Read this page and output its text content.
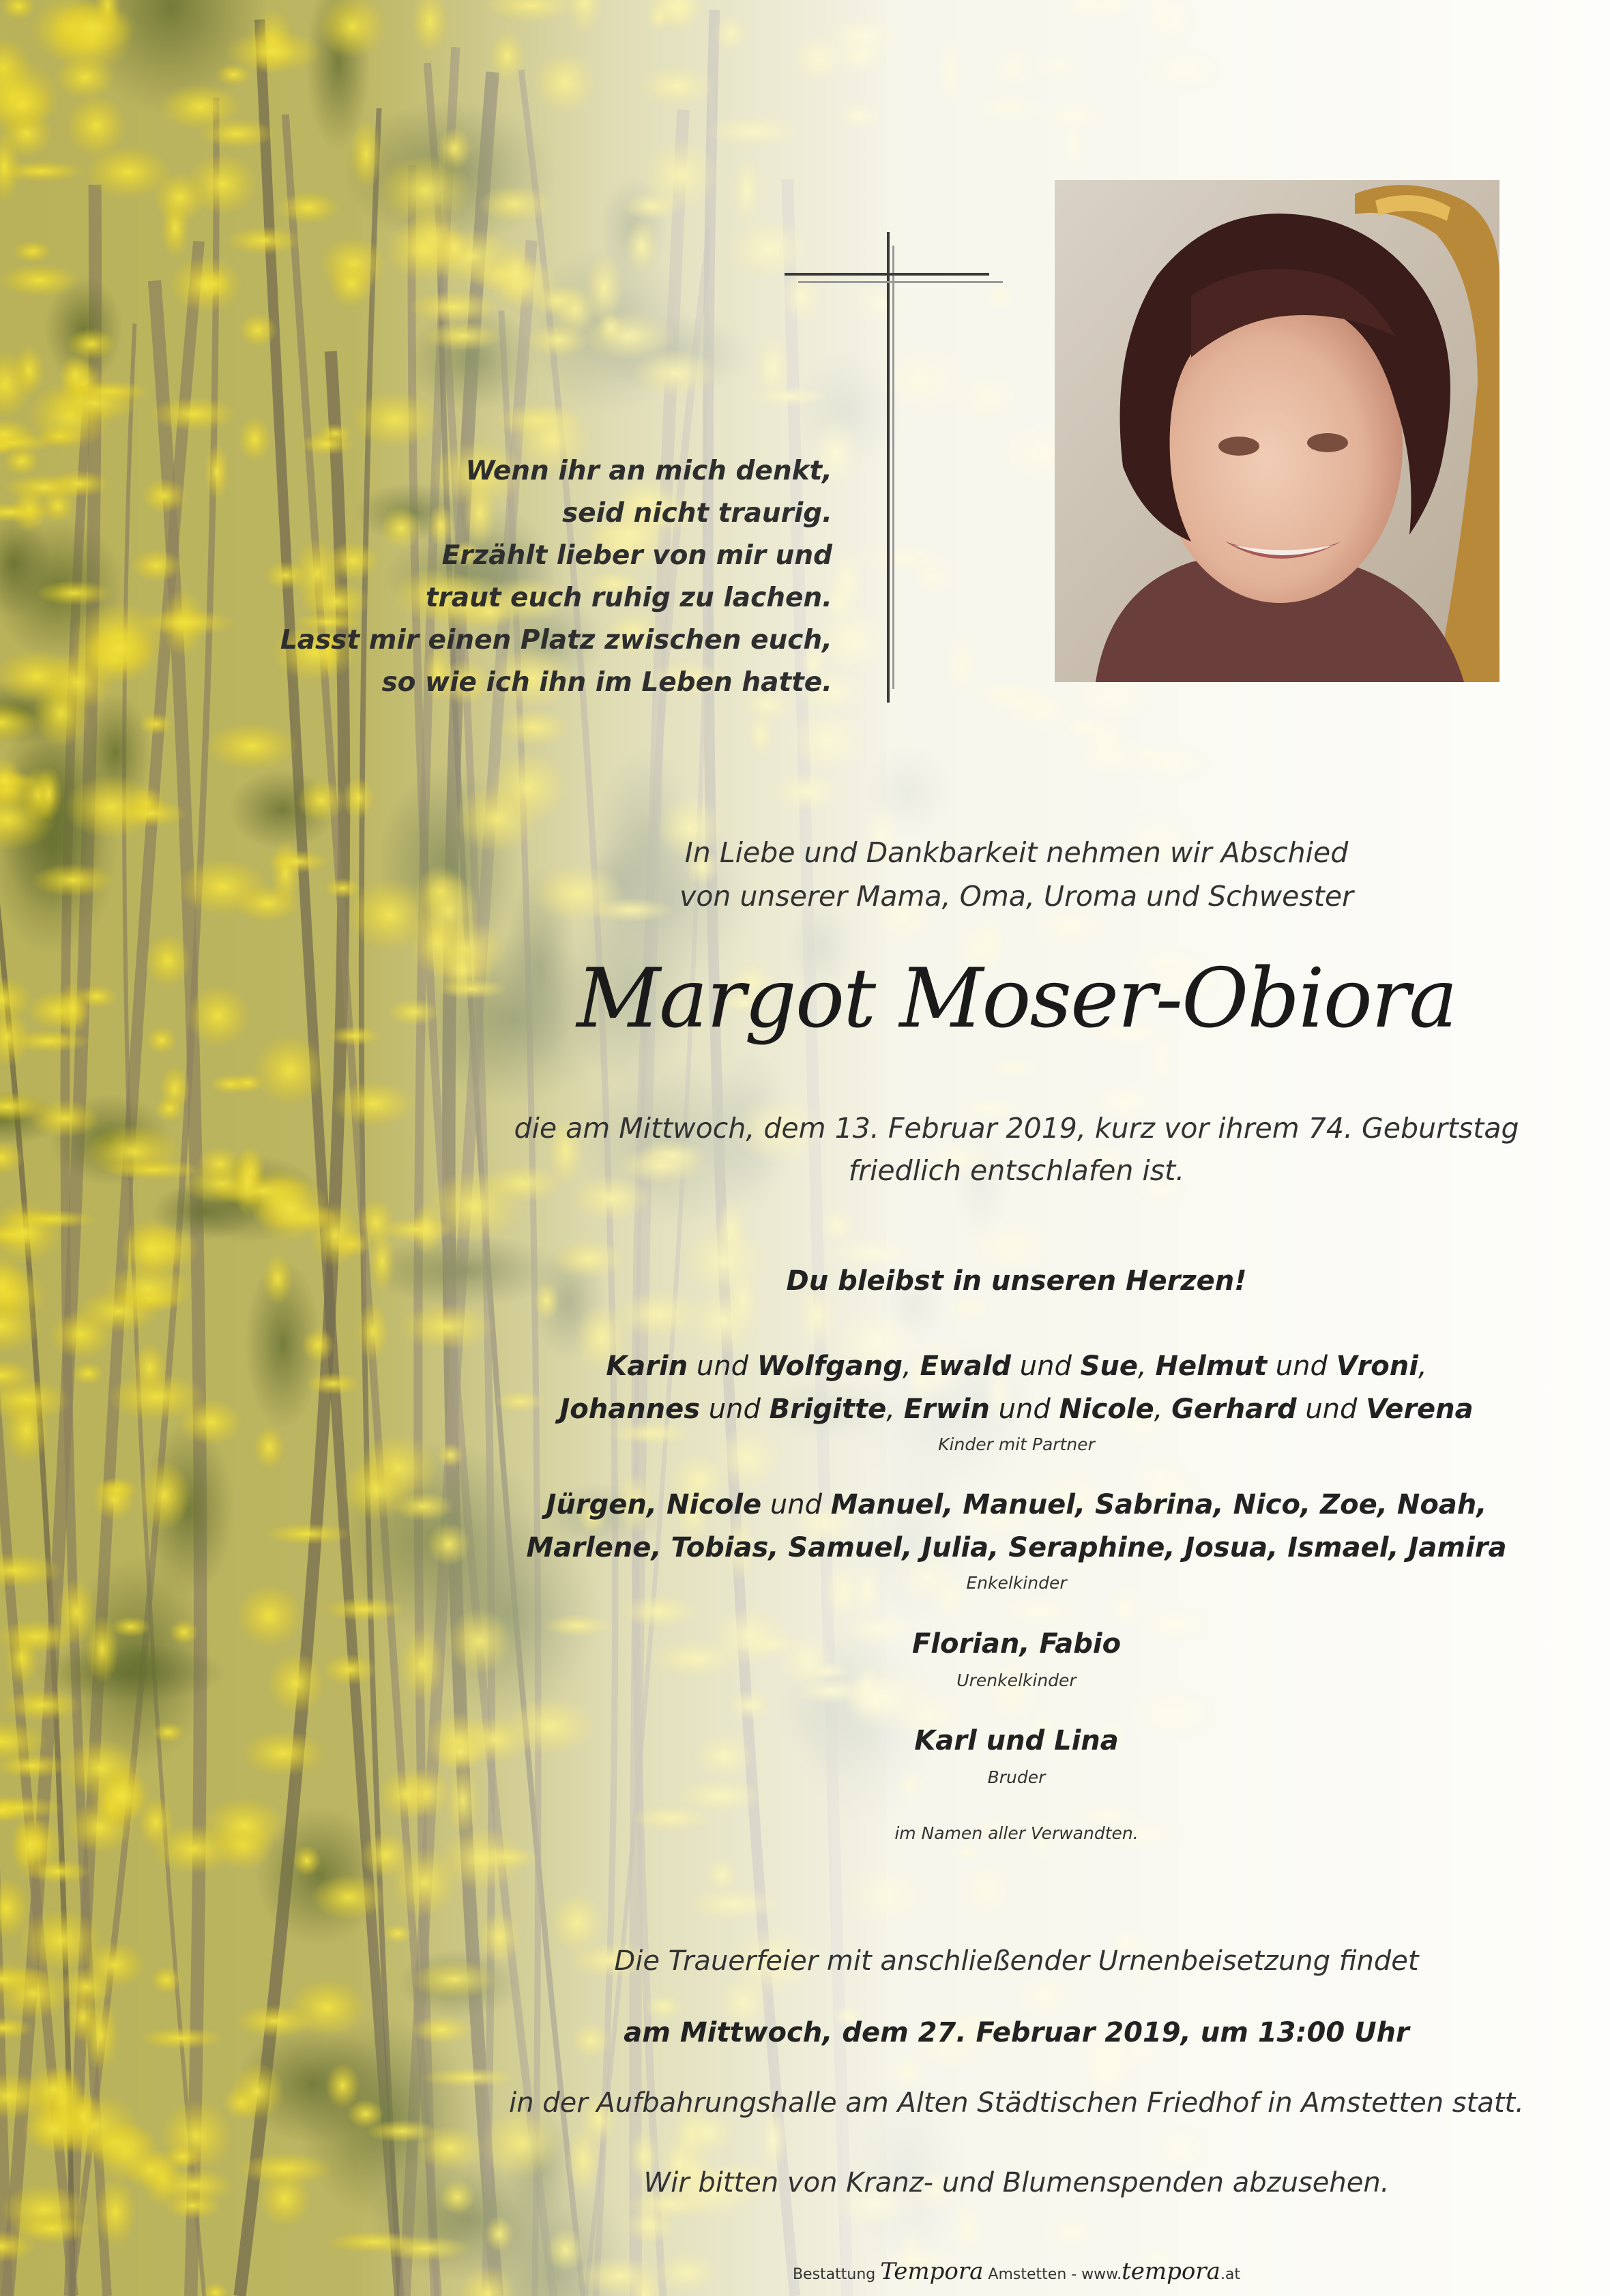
Wenn ihr an mich denkt,
seid nicht traurig.
Erzählt lieber von mir und
traut euch ruhig zu lachen.
Lasst mir einen Platz zwischen euch,
so wie ich ihn im Leben hatte.
In Liebe und Dankbarkeit nehmen wir Abschied
von unserer Mama, Oma, Uroma und Schwester
Margot Moser-Obiora
die am Mittwoch, dem 13. Februar 2019, kurz vor ihrem 74. Geburtstag
friedlich entschlafen ist.
Du bleibst in unseren Herzen!
Karin und Wolfgang, Ewald und Sue, Helmut und Vroni,
Johannes und Brigitte, Erwin und Nicole, Gerhard und Verena
Kinder mit Partner
Jürgen, Nicole und Manuel, Manuel, Sabrina, Nico, Zoe, Noah,
Marlene, Tobias, Samuel, Julia, Seraphine, Josua, Ismael, Jamira
Enkelkinder
Florian, Fabio
Urenkelkinder
Karl und Lina
Bruder
im Namen aller Verwandten.
Die Trauerfeier mit anschließender Urnenbeisetzung findet
am Mittwoch, dem 27. Februar 2019, um 13:00 Uhr
in der Aufbahrungshalle am Alten Städtischen Friedhof in Amstetten statt.
Wir bitten von Kranz- und Blumenspenden abzusehen.
Bestattung Tempora Amstetten - www.tempora.at
